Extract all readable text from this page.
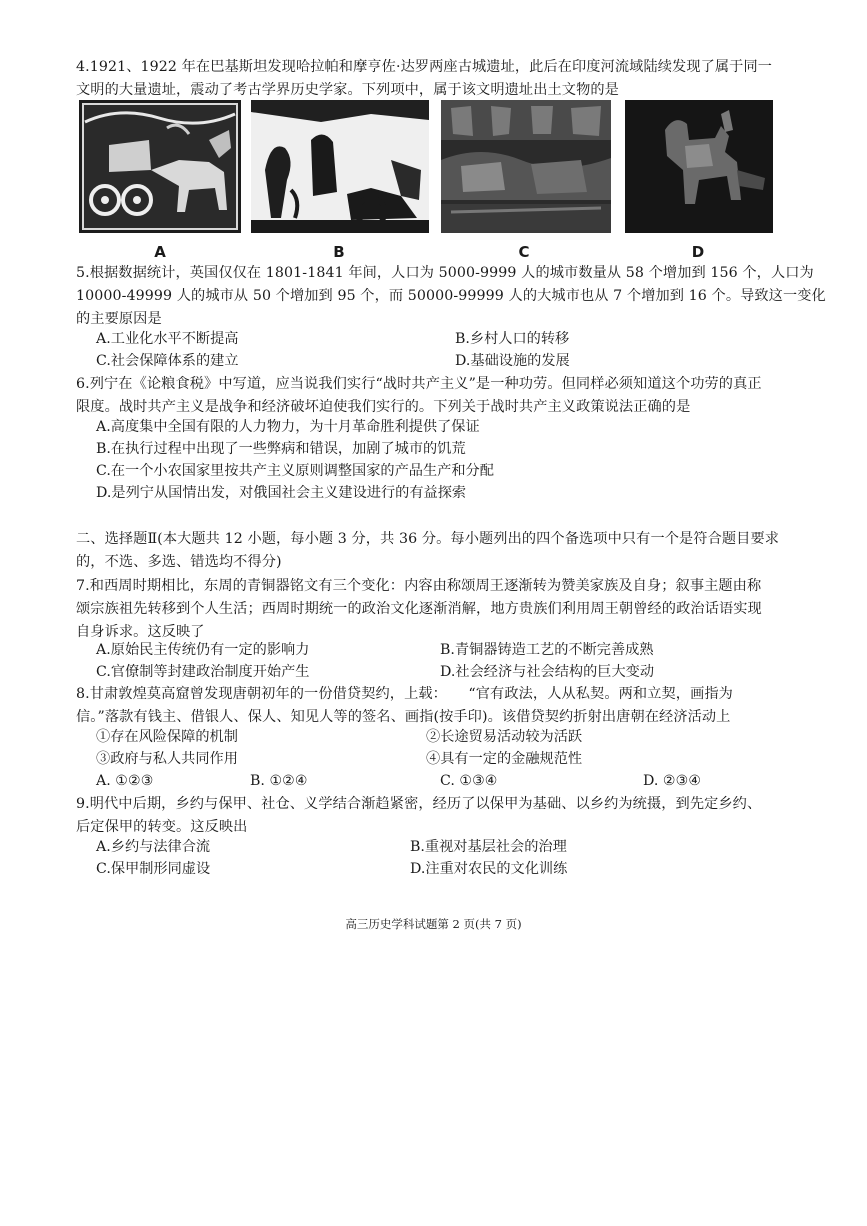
4.1921、1922 年在巴基斯坦发现哈拉帕和摩亨佐·达罗两座古城遗址，此后在印度河流域陆续发现了属于同一
文明的大量遗址，震动了考古学界历史学家。下列项中，属于该文明遗址出土文物的是
A	B	C	D
5.根据数据统计，英国仅仅在 1801-1841 年间，人口为 5000-9999 人的城市数量从 58 个增加到 156 个，人口为
10000-49999 人的城市从 50 个增加到 95 个，而 50000-99999 人的大城市也从 7 个增加到 16 个。导致这一变化
的主要原因是
A.工业化水平不断提高	B.乡村人口的转移
C.社会保障体系的建立	D.基础设施的发展
6.列宁在《论粮食税》中写道，应当说我们实行“战时共产主义”是一种功劳。但同样必须知道这个功劳的真正
限度。战时共产主义是战争和经济破坏迫使我们实行的。下列关于战时共产主义政策说法正确的是
A.高度集中全国有限的人力物力，为十月革命胜利提供了保证
B.在执行过程中出现了一些弊病和错误，加剧了城市的饥荒
C.在一个小农国家里按共产主义原则调整国家的产品生产和分配
D.是列宁从国情出发，对俄国社会主义建设进行的有益探索
二、选择题Ⅱ(本大题共 12 小题，每小题 3 分，共 36 分。每小题列出的四个备选项中只有一个是符合题目要求
的，不选、多选、错选均不得分)
7.和西周时期相比，东周的青铜器铭文有三个变化：内容由称颂周王逐渐转为赞美家族及自身；叙事主题由称
颂宗族祖先转移到个人生活；西周时期统一的政治文化逐渐消解，地方贵族们利用周王朝曾经的政治话语实现
自身诉求。这反映了
A.原始民主传统仍有一定的影响力	B.青铜器铸造工艺的不断完善成熟
C.官僚制等封建政治制度开始产生	D.社会经济与社会结构的巨大变动
8.甘肃敦煌莫高窟曾发现唐朝初年的一份借贷契约，上载：　　“官有政法，人从私契。两和立契，画指为
信。”落款有钱主、借银人、保人、知见人等的签名、画指(按手印)。该借贷契约折射出唐朝在经济活动上
①存在风险保障的机制	②长途贸易活动较为活跃
③政府与私人共同作用	④具有一定的金融规范性
A. ①②③	B. ①②④	C. ①③④	D. ②③④
9.明代中后期，乡约与保甲、社仓、义学结合渐趋紧密，经历了以保甲为基础、以乡约为统摄，到先定乡约、
后定保甲的转变。这反映出
A.乡约与法律合流	B.重视对基层社会的治理
C.保甲制形同虚设	D.注重对农民的文化训练
高三历史学科试题第 2 页(共 7 页)
